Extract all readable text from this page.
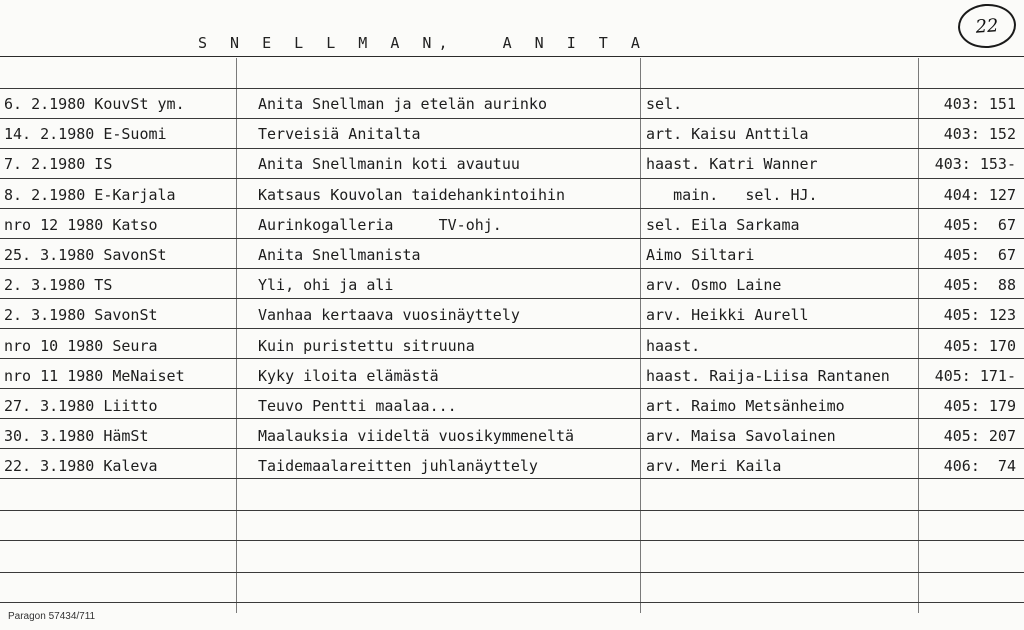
S N E L L M A N,   A N I T A
22
6. 2.1980 KouvSt ym.	Anita Snellman ja etelän aurinko	sel.	403: 151
14. 2.1980 E-Suomi	Terveisiä Anitalta	art. Kaisu Anttila	403: 152
7. 2.1980 IS	Anita Snellmanin koti avautuu	haast. Katri Wanner	403: 153-
8. 2.1980 E-Karjala	Katsaus Kouvolan taidehankintoihin	main.   sel. HJ.	404: 127
nro 12 1980 Katso	Aurinkogalleria     TV-ohj.	sel. Eila Sarkama	405:  67
25. 3.1980 SavonSt	Anita Snellmanista	Aimo Siltari	405:  67
2. 3.1980 TS	Yli, ohi ja ali	arv. Osmo Laine	405:  88
2. 3.1980 SavonSt	Vanhaa kertaava vuosinäyttely	arv. Heikki Aurell	405: 123
nro 10 1980 Seura	Kuin puristettu sitruuna	haast.	405: 170
nro 11 1980 MeNaiset	Kyky iloita elämästä	haast. Raija-Liisa Rantanen	405: 171-
27. 3.1980 Liitto	Teuvo Pentti maalaa...	art. Raimo Metsänheimo	405: 179
30. 3.1980 HämSt	Maalauksia viideltä vuosikymmeneltä	arv. Maisa Savolainen	405: 207
22. 3.1980 Kaleva	Taidemaalareitten juhlanäyttely	arv. Meri Kaila	406:  74
Paragon 57434/711
